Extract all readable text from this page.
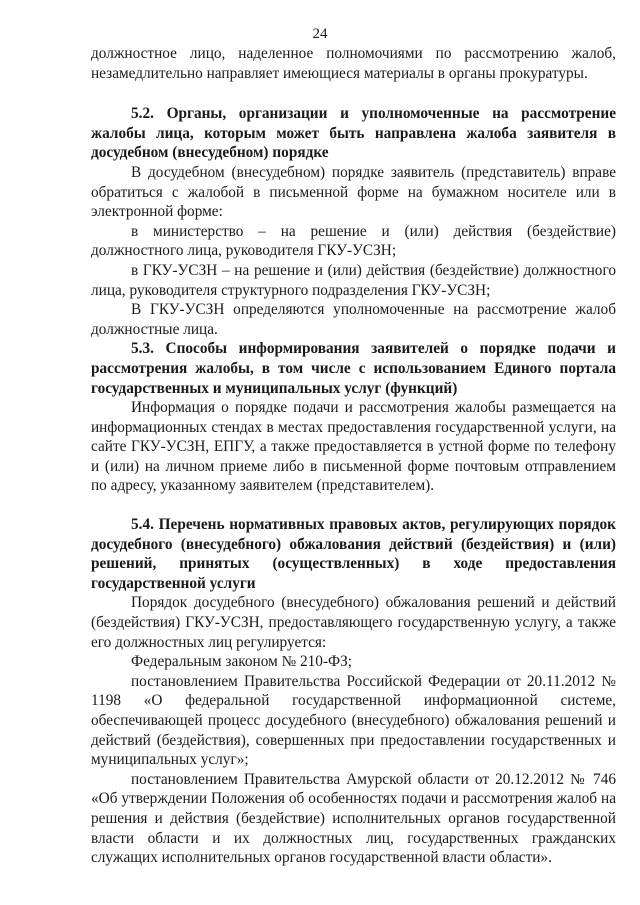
24

должностное лицо, наделенное полномочиями по рассмотрению жалоб, незамедлительно направляет имеющиеся материалы в органы прокуратуры.

5.2. Органы, организации и уполномоченные на рассмотрение жалобы лица, которым может быть направлена жалоба заявителя в досудебном (внесудебном) порядке

В досудебном (внесудебном) порядке заявитель (представитель) вправе обратиться с жалобой в письменной форме на бумажном носителе или в электронной форме:

в министерство – на решение и (или) действия (бездействие) должностного лица, руководителя ГКУ-УСЗН;

в ГКУ-УСЗН – на решение и (или) действия (бездействие) должностного лица, руководителя структурного подразделения ГКУ-УСЗН;

В ГКУ-УСЗН определяются уполномоченные на рассмотрение жалоб должностные лица.

5.3. Способы информирования заявителей о порядке подачи и рассмотрения жалобы, в том числе с использованием Единого портала государственных и муниципальных услуг (функций)

Информация о порядке подачи и рассмотрения жалобы размещается на информационных стендах в местах предоставления государственной услуги, на сайте ГКУ-УСЗН, ЕПГУ, а также предоставляется в устной форме по телефону и (или) на личном приеме либо в письменной форме почтовым отправлением по адресу, указанному заявителем (представителем).

5.4. Перечень нормативных правовых актов, регулирующих порядок досудебного (внесудебного) обжалования действий (бездействия) и (или) решений, принятых (осуществленных) в ходе предоставления государственной услуги

Порядок досудебного (внесудебного) обжалования решений и действий (бездействия) ГКУ-УСЗН, предоставляющего государственную услугу, а также его должностных лиц регулируется:

Федеральным законом № 210-ФЗ;

постановлением Правительства Российской Федерации от 20.11.2012 № 1198 «О федеральной государственной информационной системе, обеспечивающей процесс досудебного (внесудебного) обжалования решений и действий (бездействия), совершенных при предоставлении государственных и муниципальных услуг»;

постановлением Правительства Амурской области от 20.12.2012 № 746 «Об утверждении Положения об особенностях подачи и рассмотрения жалоб на решения и действия (бездействие) исполнительных органов государственной власти области и их должностных лиц, государственных гражданских служащих исполнительных органов государственной власти области».
